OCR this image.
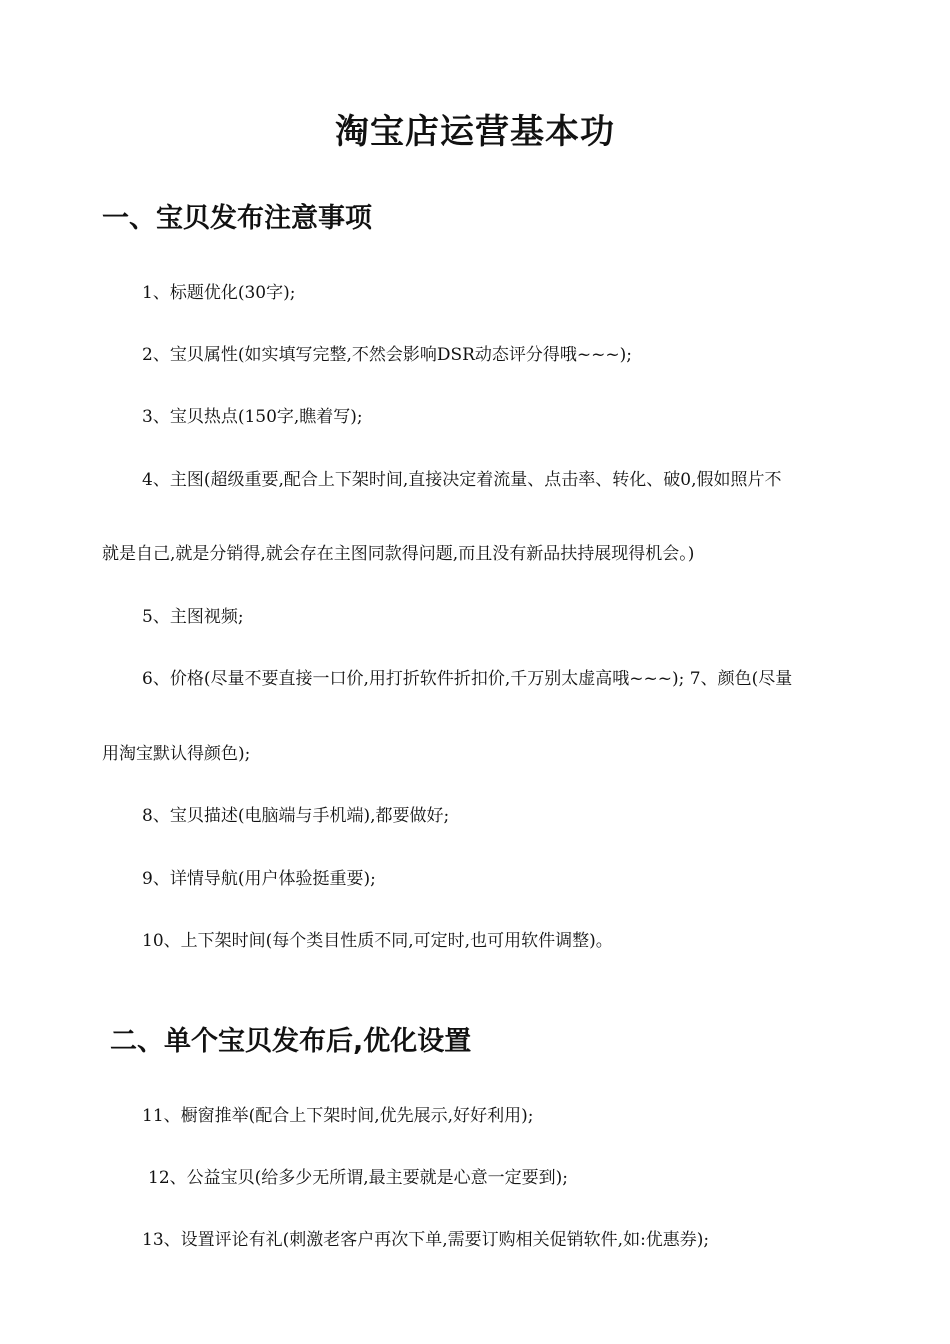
淘宝店运营基本功
一、宝贝发布注意事项

1、标题优化(30字);

2、宝贝属性(如实填写完整,不然会影响DSR动态评分得哦~~~);

3、宝贝热点(150字,瞧着写);

4、主图(超级重要,配合上下架时间,直接决定着流量、点击率、转化、破0,假如照片不

就是自己,就是分销得,就会存在主图同款得问题,而且没有新品扶持展现得机会。)

5、主图视频;

6、价格(尽量不要直接一口价,用打折软件折扣价,千万别太虚高哦~~~); 7、颜色(尽量

用淘宝默认得颜色);

8、宝贝描述(电脑端与手机端),都要做好;

9、详情导航(用户体验挺重要);

10、上下架时间(每个类目性质不同,可定时,也可用软件调整)。

二、单个宝贝发布后,优化设置

11、橱窗推举(配合上下架时间,优先展示,好好利用);

12、公益宝贝(给多少无所谓,最主要就是心意一定要到);

13、设置评论有礼(刺激老客户再次下单,需要订购相关促销软件,如:优惠券);
